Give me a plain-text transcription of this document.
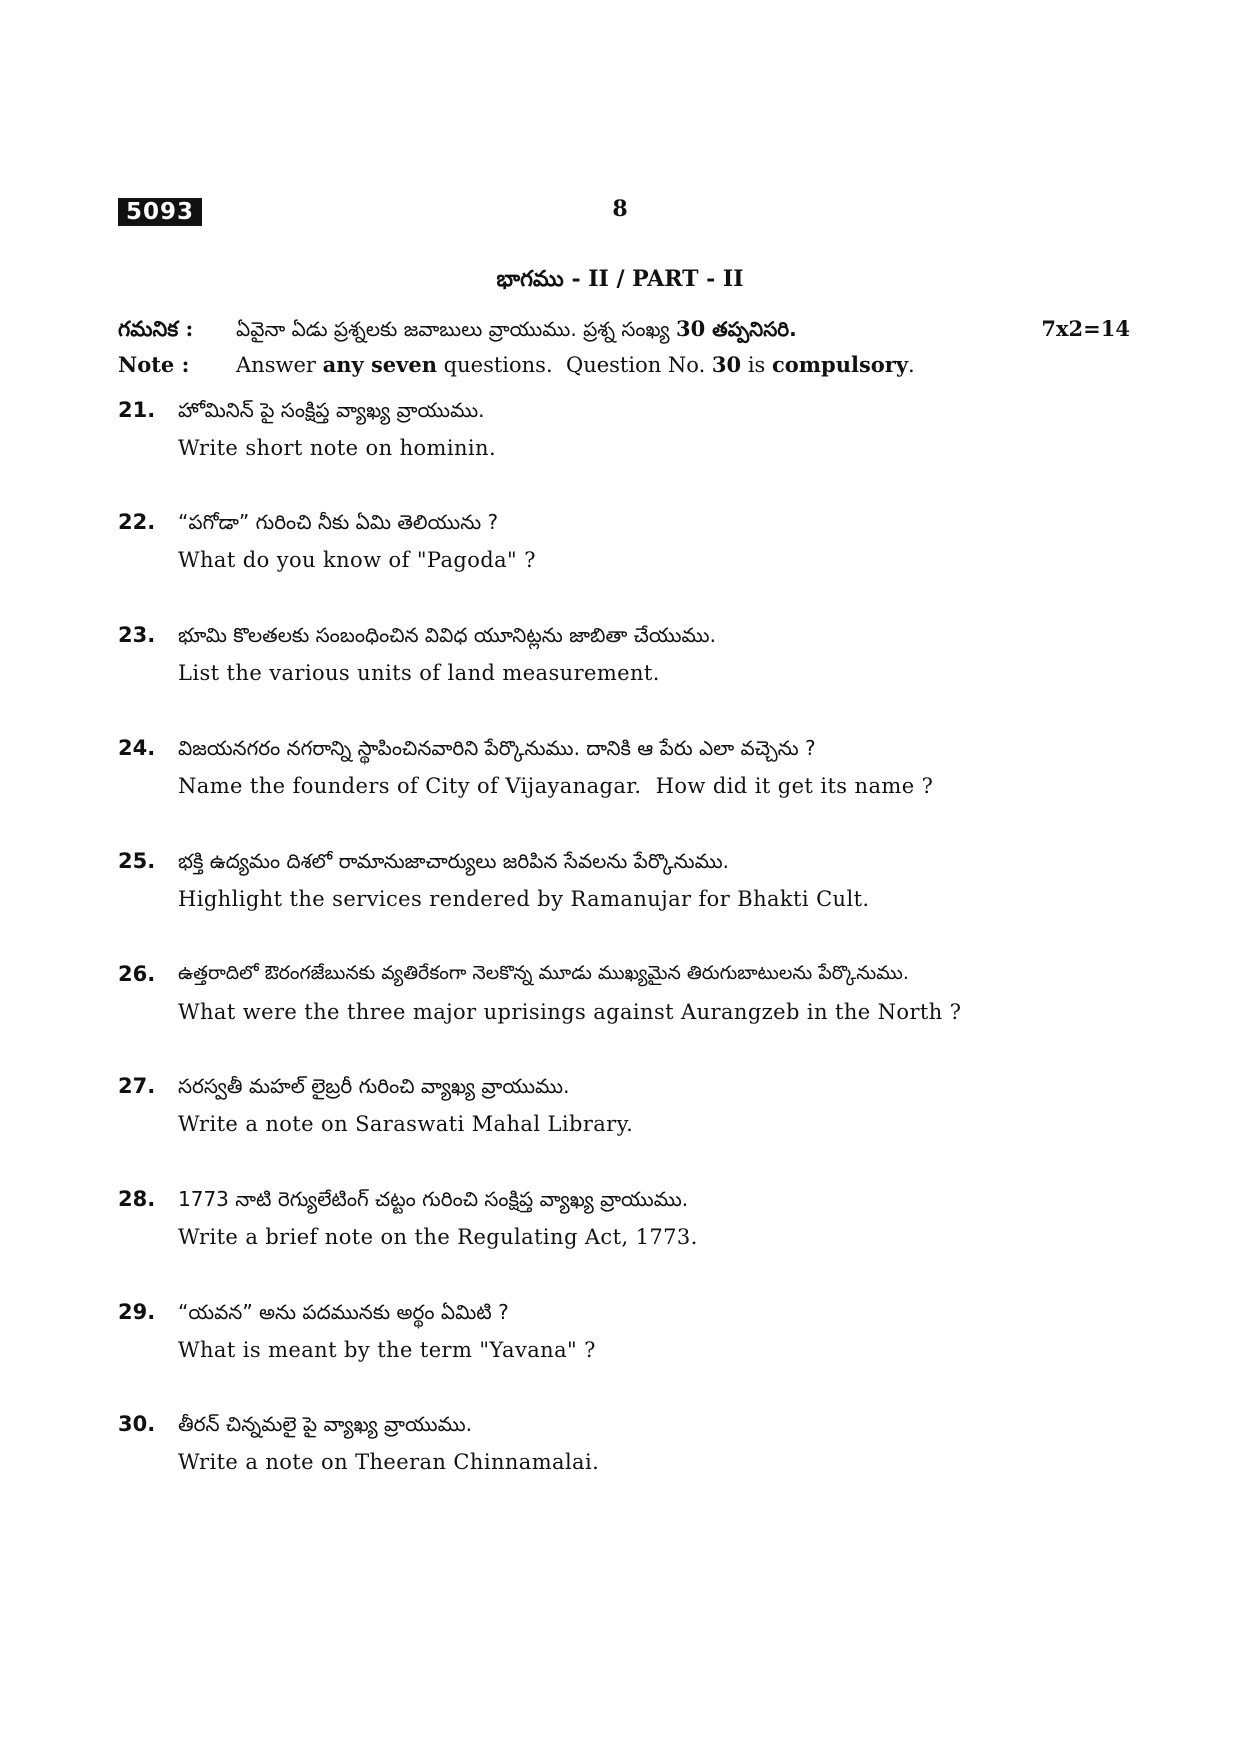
5093	8
భాగము - II / PART - II
గమనిక : ఏవైనా ఏడు ప్రశ్నలకు జవాబులు వ్రాయుము. ప్రశ్న సంఖ్య 30 తప్పనిసరి.	7x2=14
Note : Answer any seven questions.  Question No. 30 is compulsory.
21. హోమినిన్ పై సంక్షిప్త వ్యాఖ్య వ్రాయుము.
Write short note on hominin.
22. “పగోడా” గురించి నీకు ఏమి తెలియును ?
What do you know of "Pagoda" ?
23. భూమి కొలతలకు సంబంధించిన వివిధ యూనిట్లను జాబితా చేయుము.
List the various units of land measurement.
24. విజయనగరం నగరాన్ని స్థాపించినవారిని పేర్కొనుము. దానికి ఆ పేరు ఎలా వచ్చెను ?
Name the founders of City of Vijayanagar.  How did it get its name ?
25. భక్తి ఉద్యమం దిశలో రామానుజాచార్యులు జరిపిన సేవలను పేర్కొనుము.
Highlight the services rendered by Ramanujar for Bhakti Cult.
26. ఉత్తరాదిలో ఔరంగజేబునకు వ్యతిరేకంగా నెలకొన్న మూడు ముఖ్యమైన తిరుగుబాటులను పేర్కొనుము.
What were the three major uprisings against Aurangzeb in the North ?
27. సరస్వతీ మహల్ లైబ్రరీ గురించి వ్యాఖ్య వ్రాయుము.
Write a note on Saraswati Mahal Library.
28. 1773 నాటి రెగ్యులేటింగ్ చట్టం గురించి సంక్షిప్త వ్యాఖ్య వ్రాయుము.
Write a brief note on the Regulating Act, 1773.
29. “యవన” అను పదమునకు అర్థం ఏమిటి ?
What is meant by the term "Yavana" ?
30. తీరన్ చిన్నమలై పై వ్యాఖ్య వ్రాయుము.
Write a note on Theeran Chinnamalai.
